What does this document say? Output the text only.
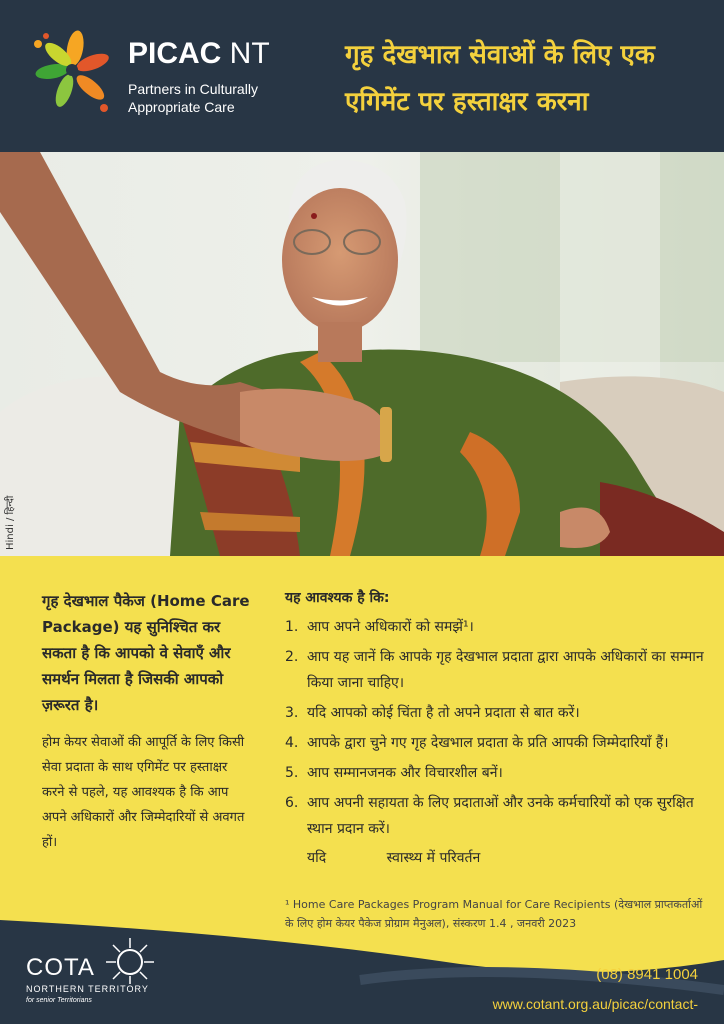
PICAC NT
Partners in Culturally Appropriate Care
गृह देखभाल सेवाओं के लिए एक एगिमेंट पर हस्ताक्षर करना
Hindi / हिन्दी
गृह देखभाल पैकेज (Home Care Package) यह सुनिश्चित कर सकता है कि आपको वे सेवाएँ और समर्थन मिलता है जिसकी आपको ज़रूरत है।
होम केयर सेवाओं की आपूर्ति के लिए किसी सेवा प्रदाता के साथ एगिमेंट पर हस्ताक्षर करने से पहले, यह आवश्यक है कि आप अपने अधिकारों और जिम्मेदारियों से अवगत हों।
यह आवश्यक है कि:
1. आप अपने अधिकारों को समझें¹।
2. आप यह जानें कि आपके गृह देखभाल प्रदाता द्वारा आपके अधिकारों का सम्मान किया जाना चाहिए।
3. यदि आपको कोई चिंता है तो अपने प्रदाता से बात करें।
4. आपके द्वारा चुने गए गृह देखभाल प्रदाता के प्रति आपकी जिम्मेदारियाँ हैं।
5. आप सम्मानजनक और विचारशील बनें।
6. आप अपनी सहायता के लिए प्रदाताओं और उनके कर्मचारियों को एक सुरक्षित स्थान प्रदान करें।
यदि	स्वास्थ्य में परिवर्तन
¹ Home Care Packages Program Manual for Care Recipients (देखभाल प्राप्तकर्ताओं के लिए होम केयर पैकेज प्रोग्राम मैनुअल), संस्करण 1.4 , जनवरी 2023
COTA
NORTHERN TERRITORY
for senior Territorians
(08) 8941 1004
www.cotant.org.au/picac/contact-
